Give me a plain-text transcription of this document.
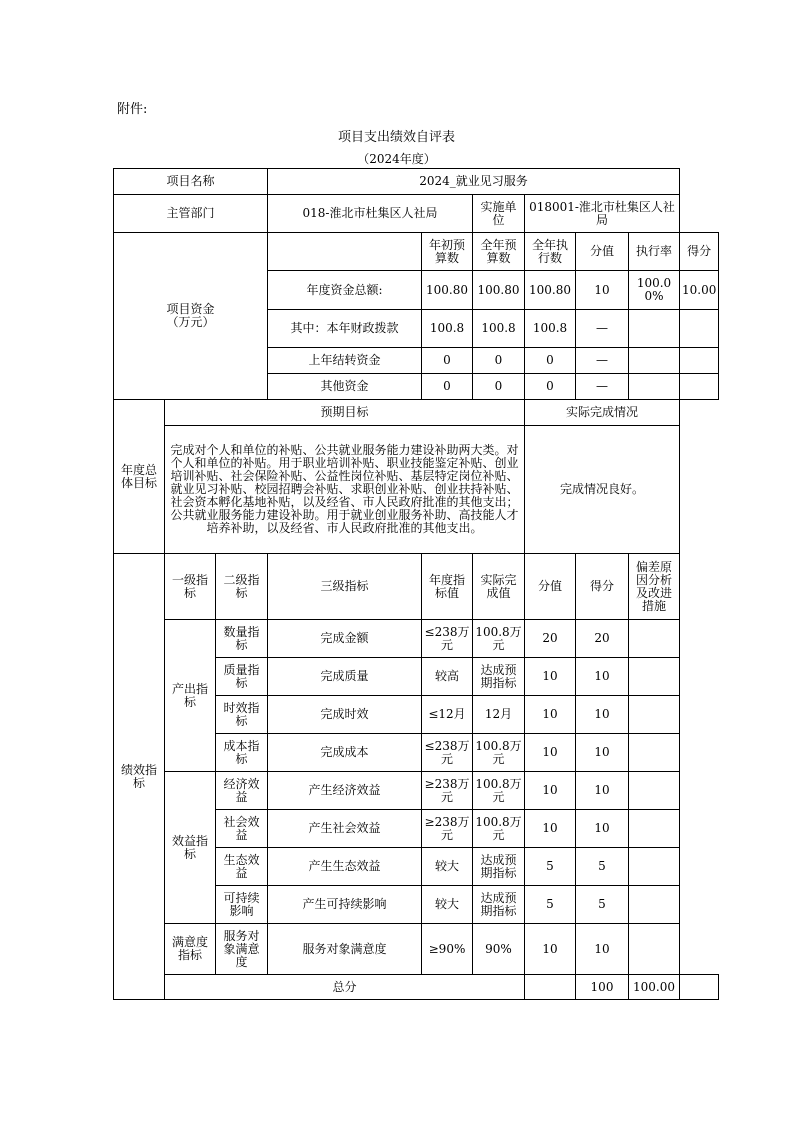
附件:
项目支出绩效自评表
（2024年度）
项目名称			2024_就业见习服务						
主管部门			018-淮北市杜集区人社局		实施单位	018001-淮北市杜集区人社局			
项目资金
（万元）				年初预算数	全年预算数	全年执行数	分值	执行率	得分
			年度资金总额:	100.80	100.80	100.80	10	100.00%	10.00
			其中：本年财政拨款	100.8	100.8	100.8	—		
			上年结转资金	0	0	0	—		
			其他资金	0	0	0	—		
年度总体目标	预期目标					实际完成情况			
	完成对个人和单位的补贴、公共就业服务能力建设补助两大类。对个人和单位的补贴。用于职业培训补贴、职业技能鉴定补贴、创业培训补贴、社会保险补贴、公益性岗位补贴、基层特定岗位补贴、就业见习补贴、校园招聘会补贴、求职创业补贴、创业扶持补贴、社会资本孵化基地补贴，以及经省、市人民政府批准的其他支出；公共就业服务能力建设补助。用于就业创业服务补助、高技能人才培养补助，以及经省、市人民政府批准的其他支出。					完成情况良好。			
绩效指标	一级指标	二级指标	三级指标	年度指标值	实际完成值	分值	得分	偏差原因分析及改进措施	
	产出指标	数量指标	完成金额	≤238万元	100.8万元	20	20		
		质量指标	完成质量	较高	达成预期指标	10	10		
		时效指标	完成时效	≤12月	12月	10	10		
		成本指标	完成成本	≤238万元	100.8万元	10	10		
	效益指标	经济效益	产生经济效益	≥238万元	100.8万元	10	10		
		社会效益	产生社会效益	≥238万元	100.8万元	10	10		
		生态效益	产生生态效益	较大	达成预期指标	5	5		
		可持续影响	产生可持续影响	较大	达成预期指标	5	5		
	满意度指标	服务对象满意度	服务对象满意度	≥90%	90%	10	10		
	总分						100	100.00	
